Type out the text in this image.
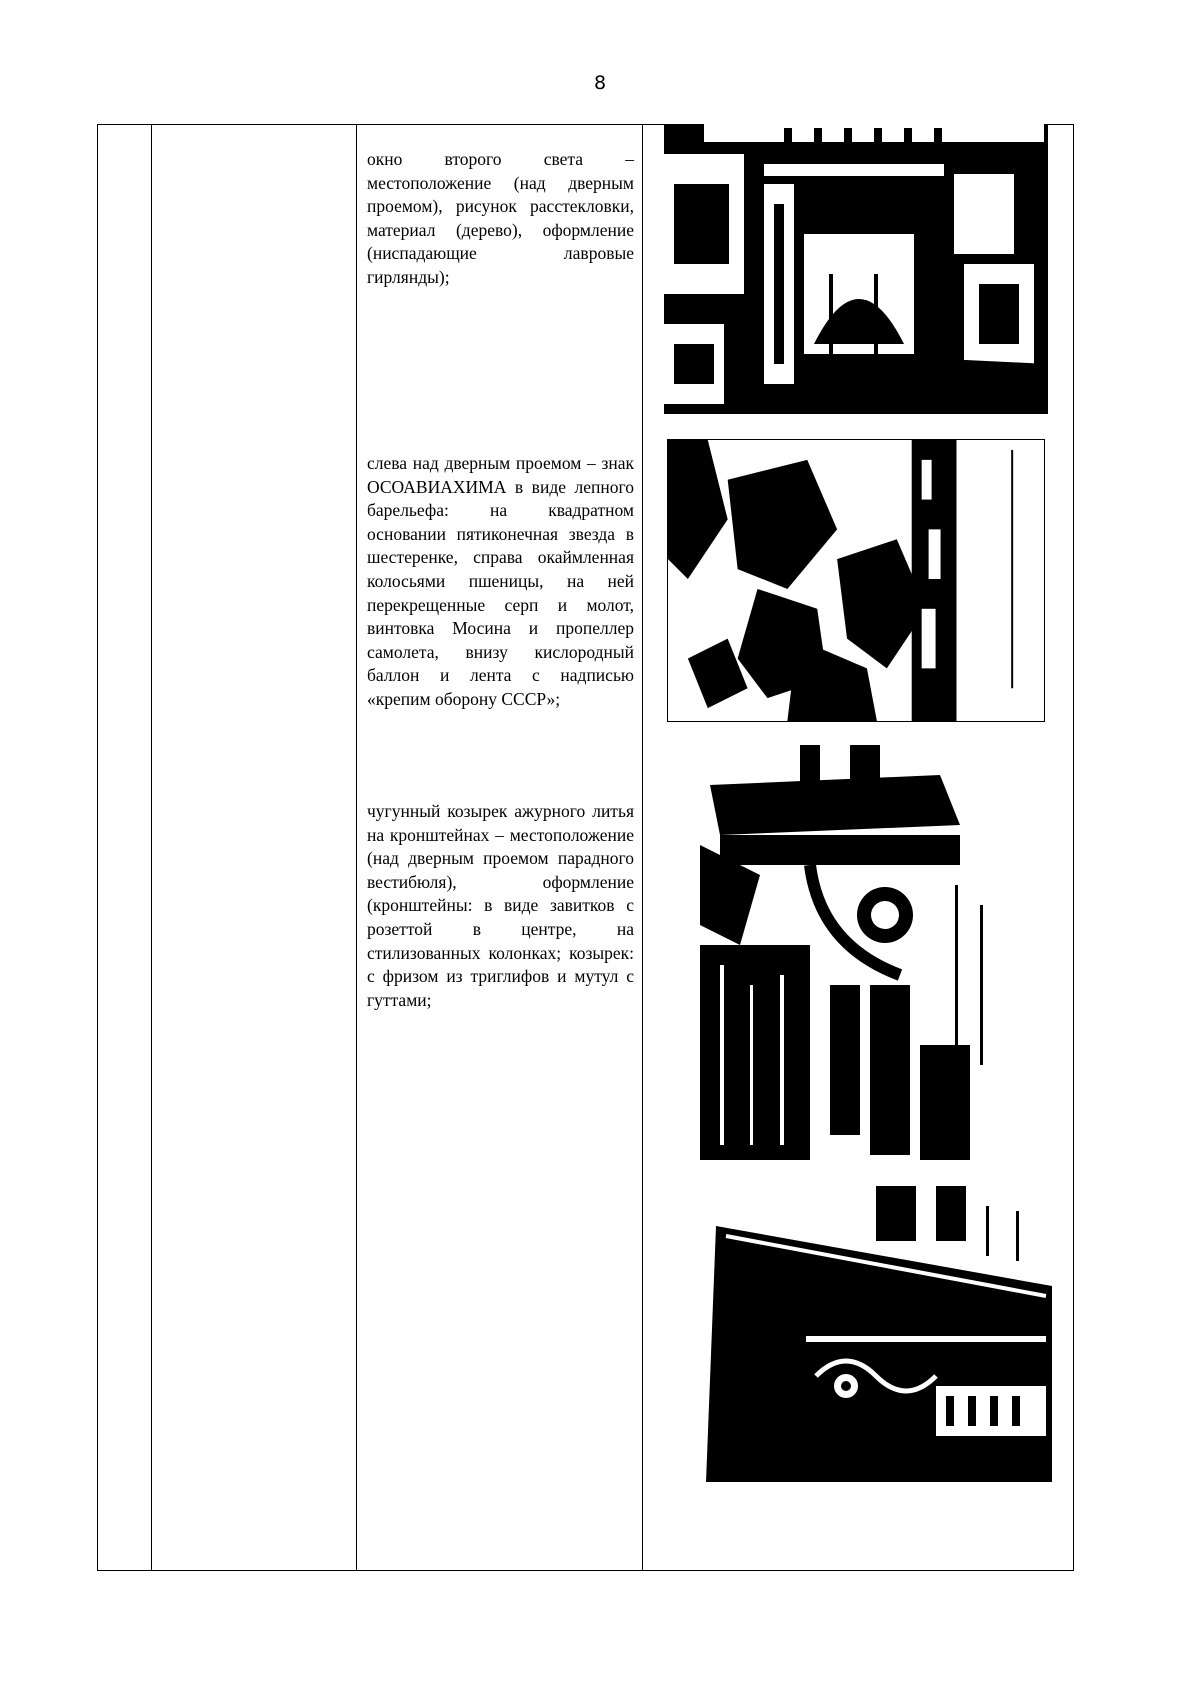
8

окно второго света – местоположение (над дверным проемом), рисунок расстекловки, материал (дерево), оформление (ниспадающие лавровые гирлянды);

слева над дверным проемом – знак ОСОАВИАХИМА в виде лепного барельефа: на квадратном основании пятиконечная звезда в шестеренке, справа окаймленная колосьями пшеницы, на ней перекрещенные серп и молот, винтовка Мосина и пропеллер самолета, внизу кислородный баллон и лента с надписью «крепим оборону СССР»;

чугунный козырек ажурного литья на кронштейнах – местоположение (над дверным проемом парадного вестибюля), оформление (кронштейны: в виде завитков с розеттой в центре, на стилизованных колонках; козырек: с фризом из триглифов и мутул с гуттами;
